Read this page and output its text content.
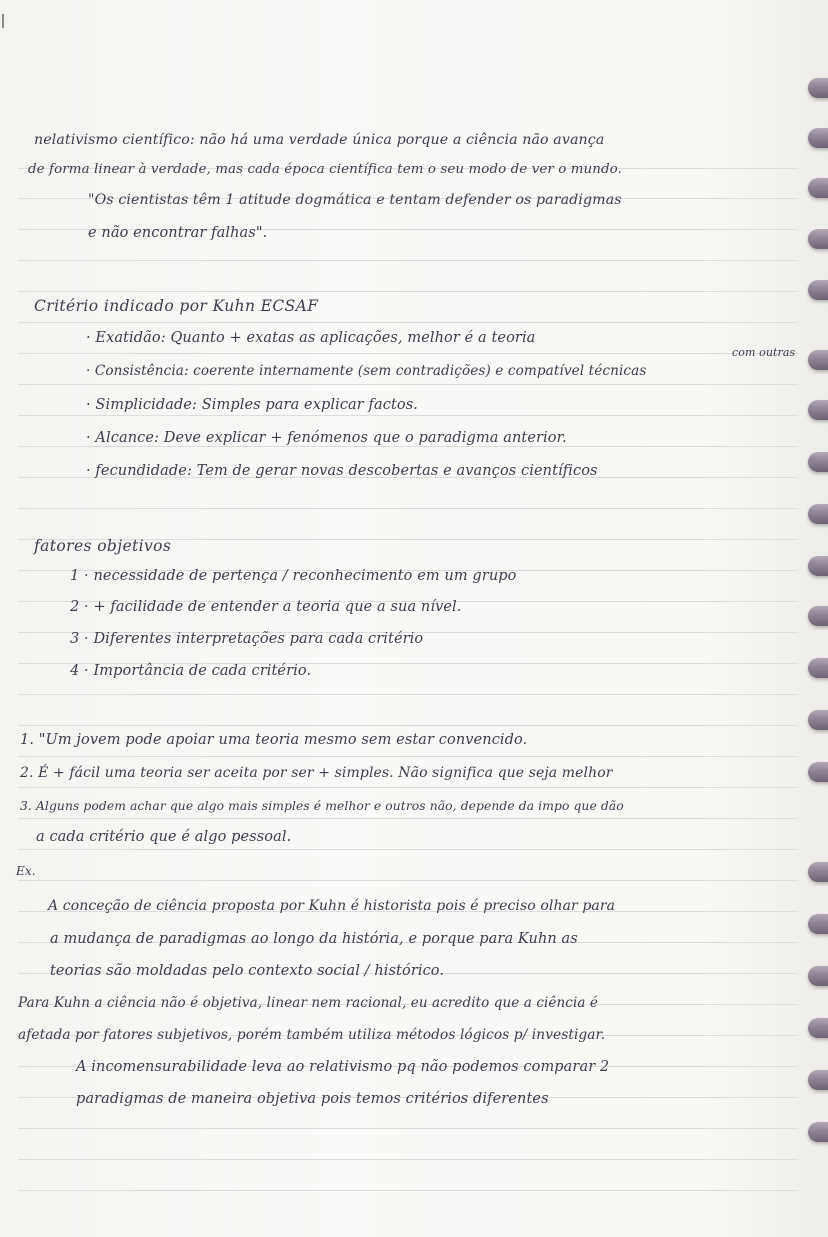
nelativismo científico: não há uma verdade única porque a ciência não avança
de forma linear à verdade, mas cada época científica tem o seu modo de ver o mundo.
"Os cientistas têm 1 atitude dogmática e tentam defender os paradigmas
e não encontrar falhas".
Critério indicado por Kuhn ECSAF
com outras
· Exatidão: Quanto + exatas as aplicações, melhor é a teoria
· Consistência: coerente internamente (sem contradições) e compatível técnicas
· Simplicidade: Simples para explicar factos.
· Alcance: Deve explicar + fenómenos que o paradigma anterior.
· fecundidade: Tem de gerar novas descobertas e avanços científicos
fatores objetivos
1 · necessidade de pertença / reconhecimento em um grupo
2 · + facilidade de entender a teoria que a sua nível.
3 · Diferentes interpretações para cada critério
4 · Importância de cada critério.
1. "Um jovem pode apoiar uma teoria mesmo sem estar convencido.
2. É + fácil uma teoria ser aceita por ser + simples. Não significa que seja melhor
3. Alguns podem achar que algo mais simples é melhor e outros não, depende da impo que dão
a cada critério que é algo pessoal.
Ex.
A conceção de ciência proposta por Kuhn é historista pois é preciso olhar para
a mudança de paradigmas ao longo da história, e porque para Kuhn as
teorias são moldadas pelo contexto social / histórico.
Para Kuhn a ciência não é objetiva, linear nem racional, eu acredito que a ciência é
afetada por fatores subjetivos, porém também utiliza métodos lógicos p/ investigar.
A incomensurabilidade leva ao relativismo pq não podemos comparar 2
paradigmas de maneira objetiva pois temos critérios diferentes
